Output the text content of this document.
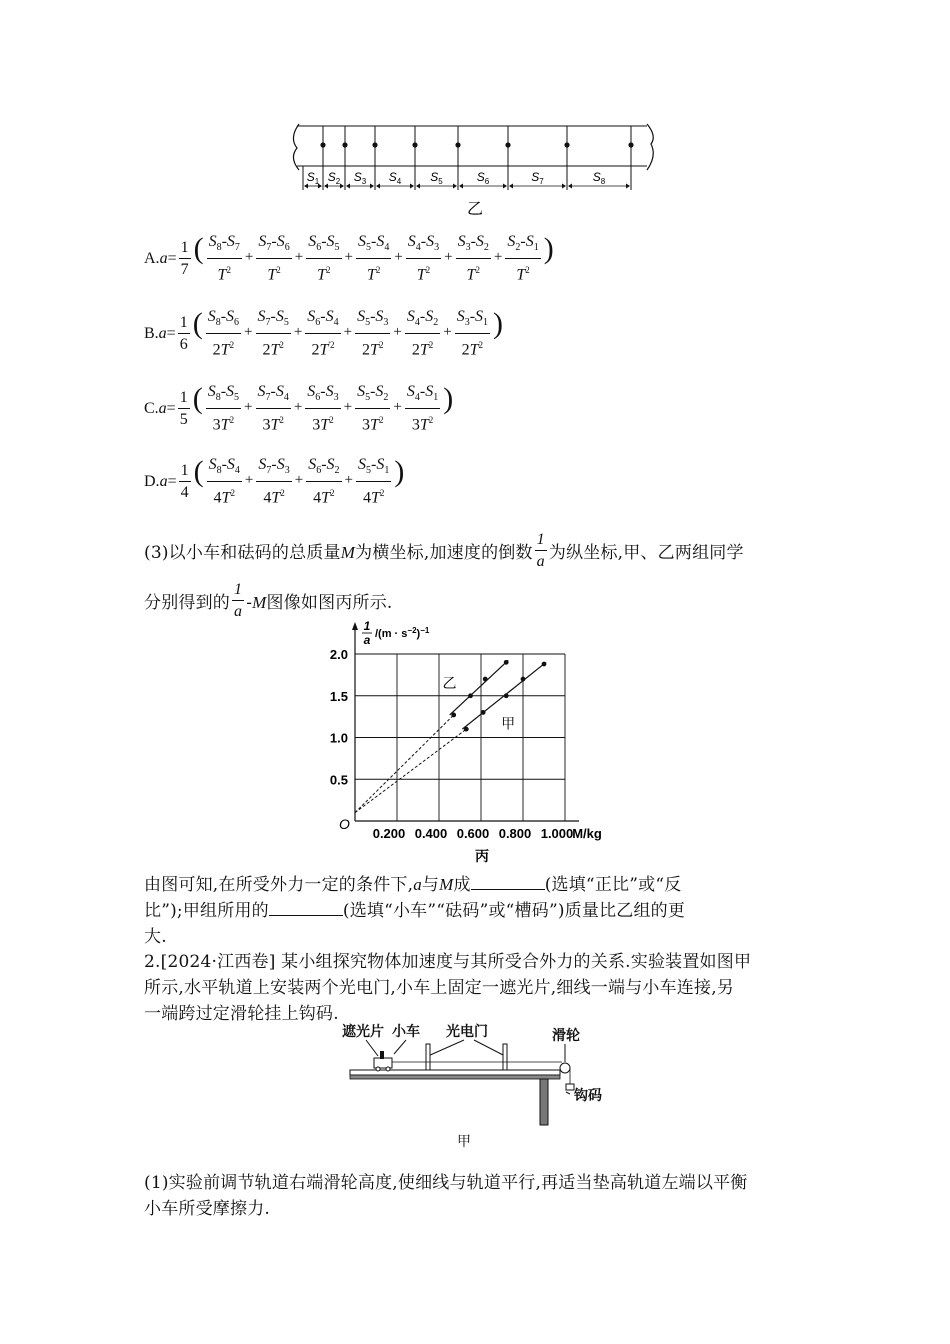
$S_1$ $S_2$ $S_3$ $S_4$ $S_5$	$S_6$	$S_7$	$S_8$
乙
A. $a = \frac{1}{7}$ ( $\frac{S_8-S_7}{T^2} + \frac{S_7-S_6}{T^2} + \frac{S_6-S_5}{T^2} + \frac{S_5-S_4}{T^2} + \frac{S_4-S_3}{T^2} + \frac{S_3-S_2}{T^2} + \frac{S_2-S_1}{T^2}$ )
B. $a = \frac{1}{6}$ ( $\frac{S_8-S_6}{2T^2} + \frac{S_7-S_5}{2T^2} + \frac{S_6-S_4}{2T^{'2}} + \frac{S_5-S_3}{2T^2} + \frac{S_4-S_2}{2T^2} + \frac{S_3-S_1}{2T^2}$ )
C. $a = \frac{1}{5}$ ( $\frac{S_8-S_5}{3T^2} + \frac{S_7-S_4}{3T^2} + \frac{S_6-S_3}{3T^2} + \frac{S_5-S_2}{3T^2} + \frac{S_4-S_1}{3T^2}$ )
D. $a = \frac{1}{4}$ ( $\frac{S_8-S_4}{4T^2} + \frac{S_7-S_3}{4T^2} + \frac{S_6-S_2}{4T^2} + \frac{S_5-S_1}{4T^2}$ )
(3)以小车和砝码的总质量M为横坐标,加速度的倒数 $\frac{1}{a}$ 为纵坐标,甲、乙两组同学
分别得到的 $\frac{1}{a} -M$图像如图丙所示.
0.200 0.400 0.600 0.800 1.000
0.5
1.0
1.5
2.0
O
M/kg
1
a $/(m \cdot s^{-2})^{-1}$
丙
乙
甲
由图可知,在所受外力一定的条件下,a与M成	(选填“正比”或“反
比”);甲组所用的	(选填“小车”“砝码”或“槽码”)质量比乙组的更
大.
2.[2024·江西卷] 某小组探究物体加速度与其所受合外力的关系.实验装置如图甲
所示,水平轨道上安装两个光电门,小车上固定一遮光片,细线一端与小车连接,另
一端跨过定滑轮挂上钩码.
遮光片 小车 光电门	滑轮
钩码
甲
(1)实验前调节轨道右端滑轮高度,使细线与轨道平行,再适当垫高轨道左端以平衡
小车所受摩擦力.
